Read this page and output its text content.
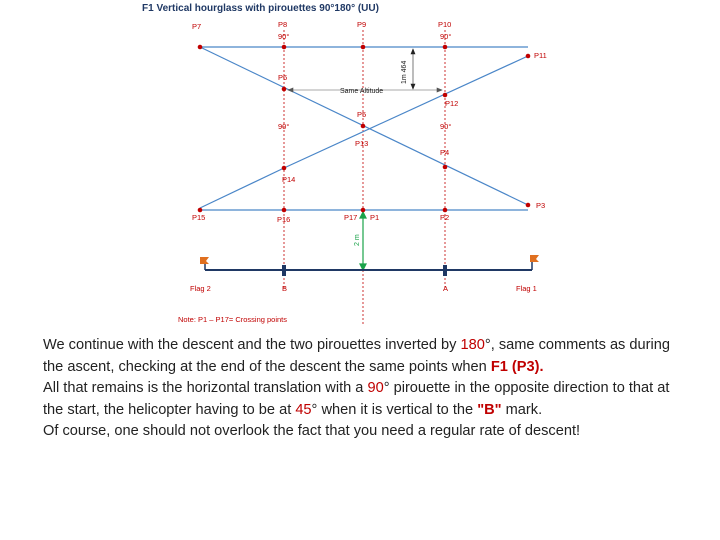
F1 Vertical hourglass with pirouettes 90°180° (UU)
Same Altitude
1m 464
2 m
P7	P8	P9	P10
P11
P6
P12
P5
P13
P4
P14
P3
P15	P16	P17 P1	P2
90°	90°
90°	90°
Flag 2	B	A	Flag 1
Note: P1 – P17= Crossing points

We continue with the descent and the two pirouettes inverted by 180°, same comments as during the ascent, checking at the end of the descent the same points when F1 (P3).

All that remains is the horizontal translation with a 90° pirouette in the opposite direction to that at the start, the helicopter having to be at 45° when it is vertical to the "B" mark.

Of course, one should not overlook the fact that you need a regular rate of descent!
